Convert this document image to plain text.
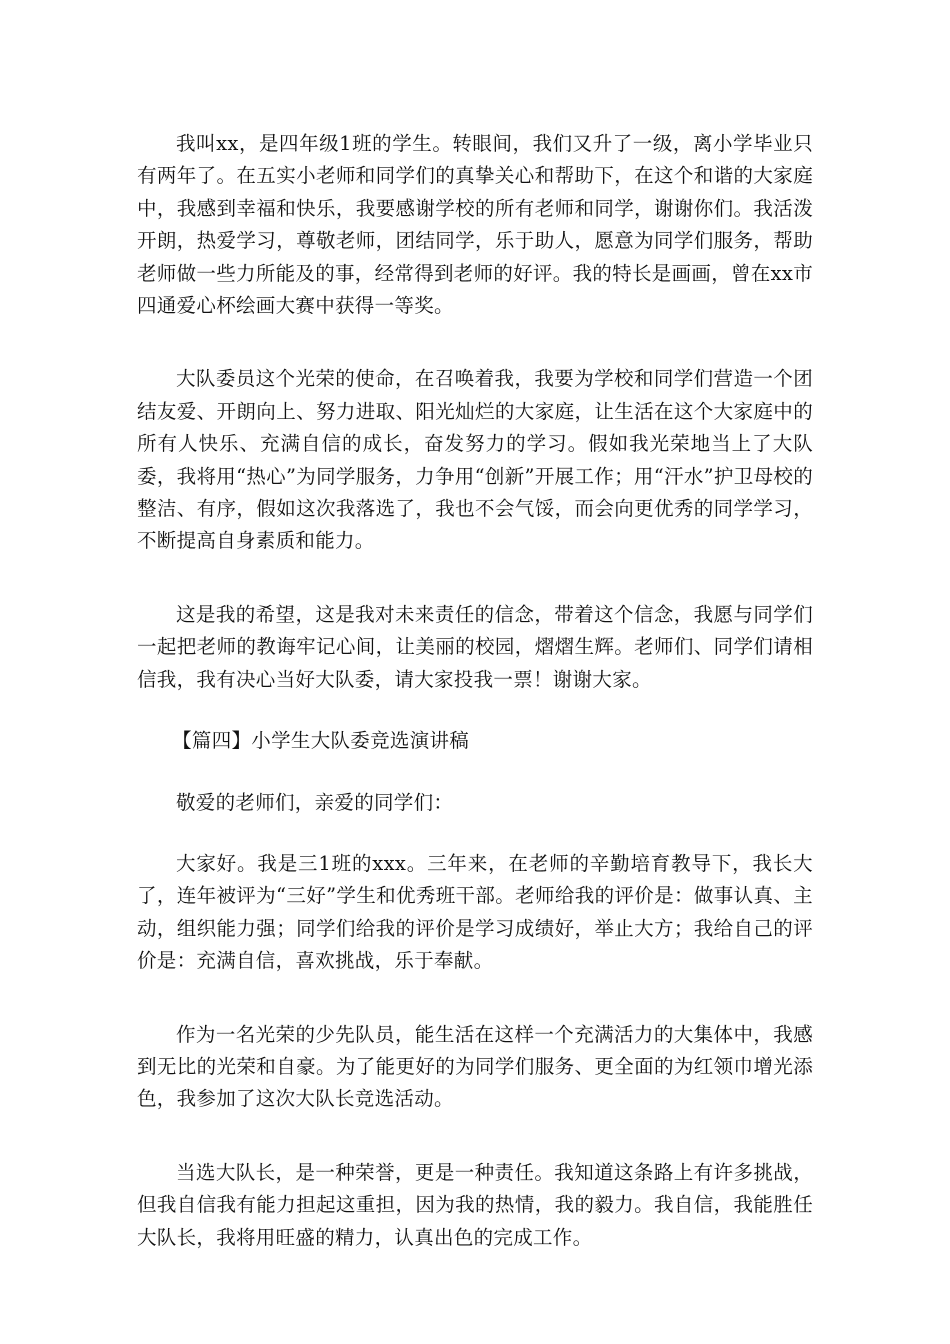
我叫xx，是四年级1班的学生。转眼间，我们又升了一级，离小学毕业只有两年了。在五实小老师和同学们的真挚关心和帮助下，在这个和谐的大家庭中，我感到幸福和快乐，我要感谢学校的所有老师和同学，谢谢你们。我活泼开朗，热爱学习，尊敬老师，团结同学，乐于助人，愿意为同学们服务，帮助老师做一些力所能及的事，经常得到老师的好评。我的特长是画画，曾在xx市四通爱心杯绘画大赛中获得一等奖。

大队委员这个光荣的使命，在召唤着我，我要为学校和同学们营造一个团结友爱、开朗向上、努力进取、阳光灿烂的大家庭，让生活在这个大家庭中的所有人快乐、充满自信的成长，奋发努力的学习。假如我光荣地当上了大队委，我将用“热心”为同学服务，力争用“创新”开展工作；用“汗水”护卫母校的整洁、有序，假如这次我落选了，我也不会气馁，而会向更优秀的同学学习，不断提高自身素质和能力。

这是我的希望，这是我对未来责任的信念，带着这个信念，我愿与同学们一起把老师的教诲牢记心间，让美丽的校园，熠熠生辉。老师们、同学们请相信我，我有决心当好大队委，请大家投我一票！谢谢大家。

【篇四】小学生大队委竞选演讲稿

敬爱的老师们，亲爱的同学们：

大家好。我是三1班的xxx。三年来，在老师的辛勤培育教导下，我长大了，连年被评为“三好”学生和优秀班干部。老师给我的评价是：做事认真、主动，组织能力强；同学们给我的评价是学习成绩好，举止大方；我给自己的评价是：充满自信，喜欢挑战，乐于奉献。

作为一名光荣的少先队员，能生活在这样一个充满活力的大集体中，我感到无比的光荣和自豪。为了能更好的为同学们服务、更全面的为红领巾增光添色，我参加了这次大队长竞选活动。

当选大队长，是一种荣誉，更是一种责任。我知道这条路上有许多挑战，但我自信我有能力担起这重担，因为我的热情，我的毅力。我自信，我能胜任大队长，我将用旺盛的精力，认真出色的完成工作。
